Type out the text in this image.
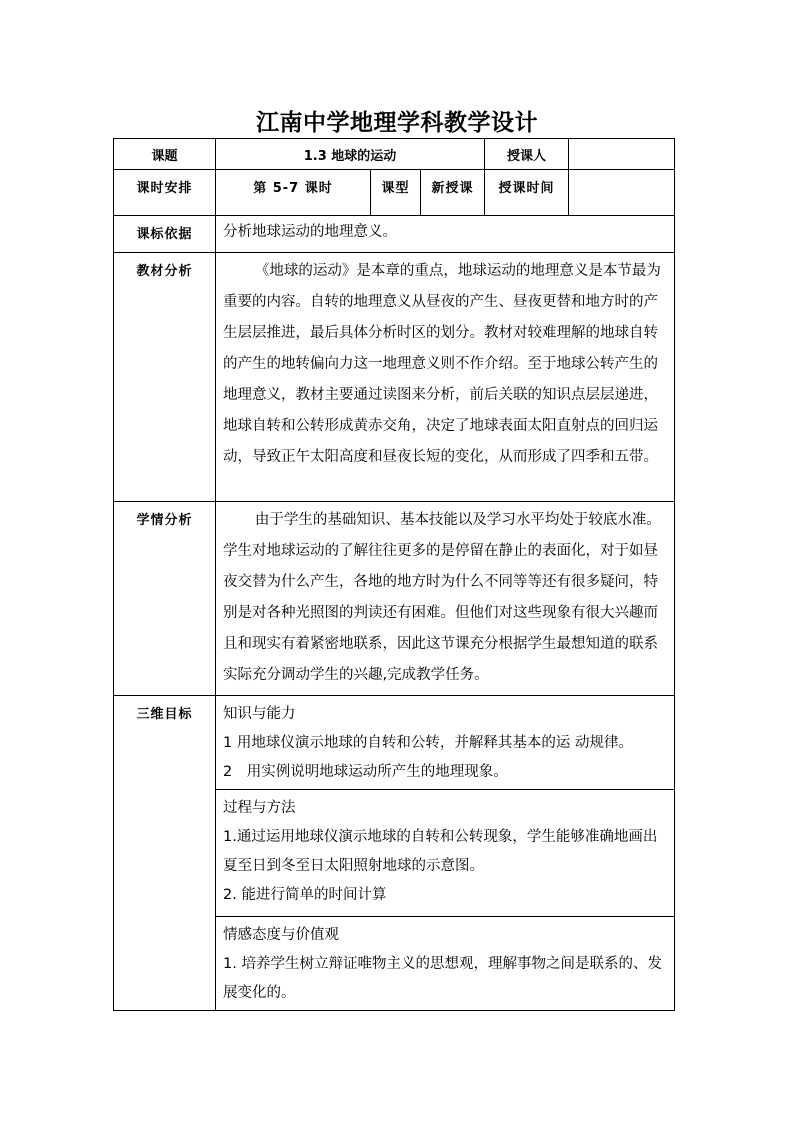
江南中学地理学科教学设计
课题	1.3 地球的运动			授课人	
课时安排	第 5-7 课时	课型	新授课	授课时间	
课标依据	分析地球运动的地理意义。				

教材分析	《地球的运动》是本章的重点，地球运动的地理意义是本节最为重要的内容。自转的地理意义从昼夜的产生、昼夜更替和地方时的产生层层推进，最后具体分析时区的划分。教材对较难理解的地球自转的产生的地转偏向力这一地理意义则不作介绍。至于地球公转产生的地理意义，教材主要通过读图来分析，前后关联的知识点层层递进，地球自转和公转形成黄赤交角，决定了地球表面太阳直射点的回归运动，导致正午太阳高度和昼夜长短的变化，从而形成了四季和五带。				

学情分析	由于学生的基础知识、基本技能以及学习水平均处于较底水准。学生对地球运动的了解往往更多的是停留在静止的表面化，对于如昼夜交替为什么产生，各地的地方时为什么不同等等还有很多疑问，特别是对各种光照图的判读还有困难。但他们对这些现象有很大兴趣而且和现实有着紧密地联系，因此这节课充分根据学生最想知道的联系实际充分调动学生的兴趣,完成教学任务。				

三维目标	知识与能力

1 用地球仪演示地球的自转和公转，并解释其基本的运 动规律。

2　用实例说明地球运动所产生的地理现象。				

	过程与方法

1.通过运用地球仪演示地球的自转和公转现象，学生能够准确地画出夏至日到冬至日太阳照射地球的示意图。

2. 能进行简单的时间计算				

	情感态度与价值观

1. 培养学生树立辩证唯物主义的思想观，理解事物之间是联系的、发展变化的。				
